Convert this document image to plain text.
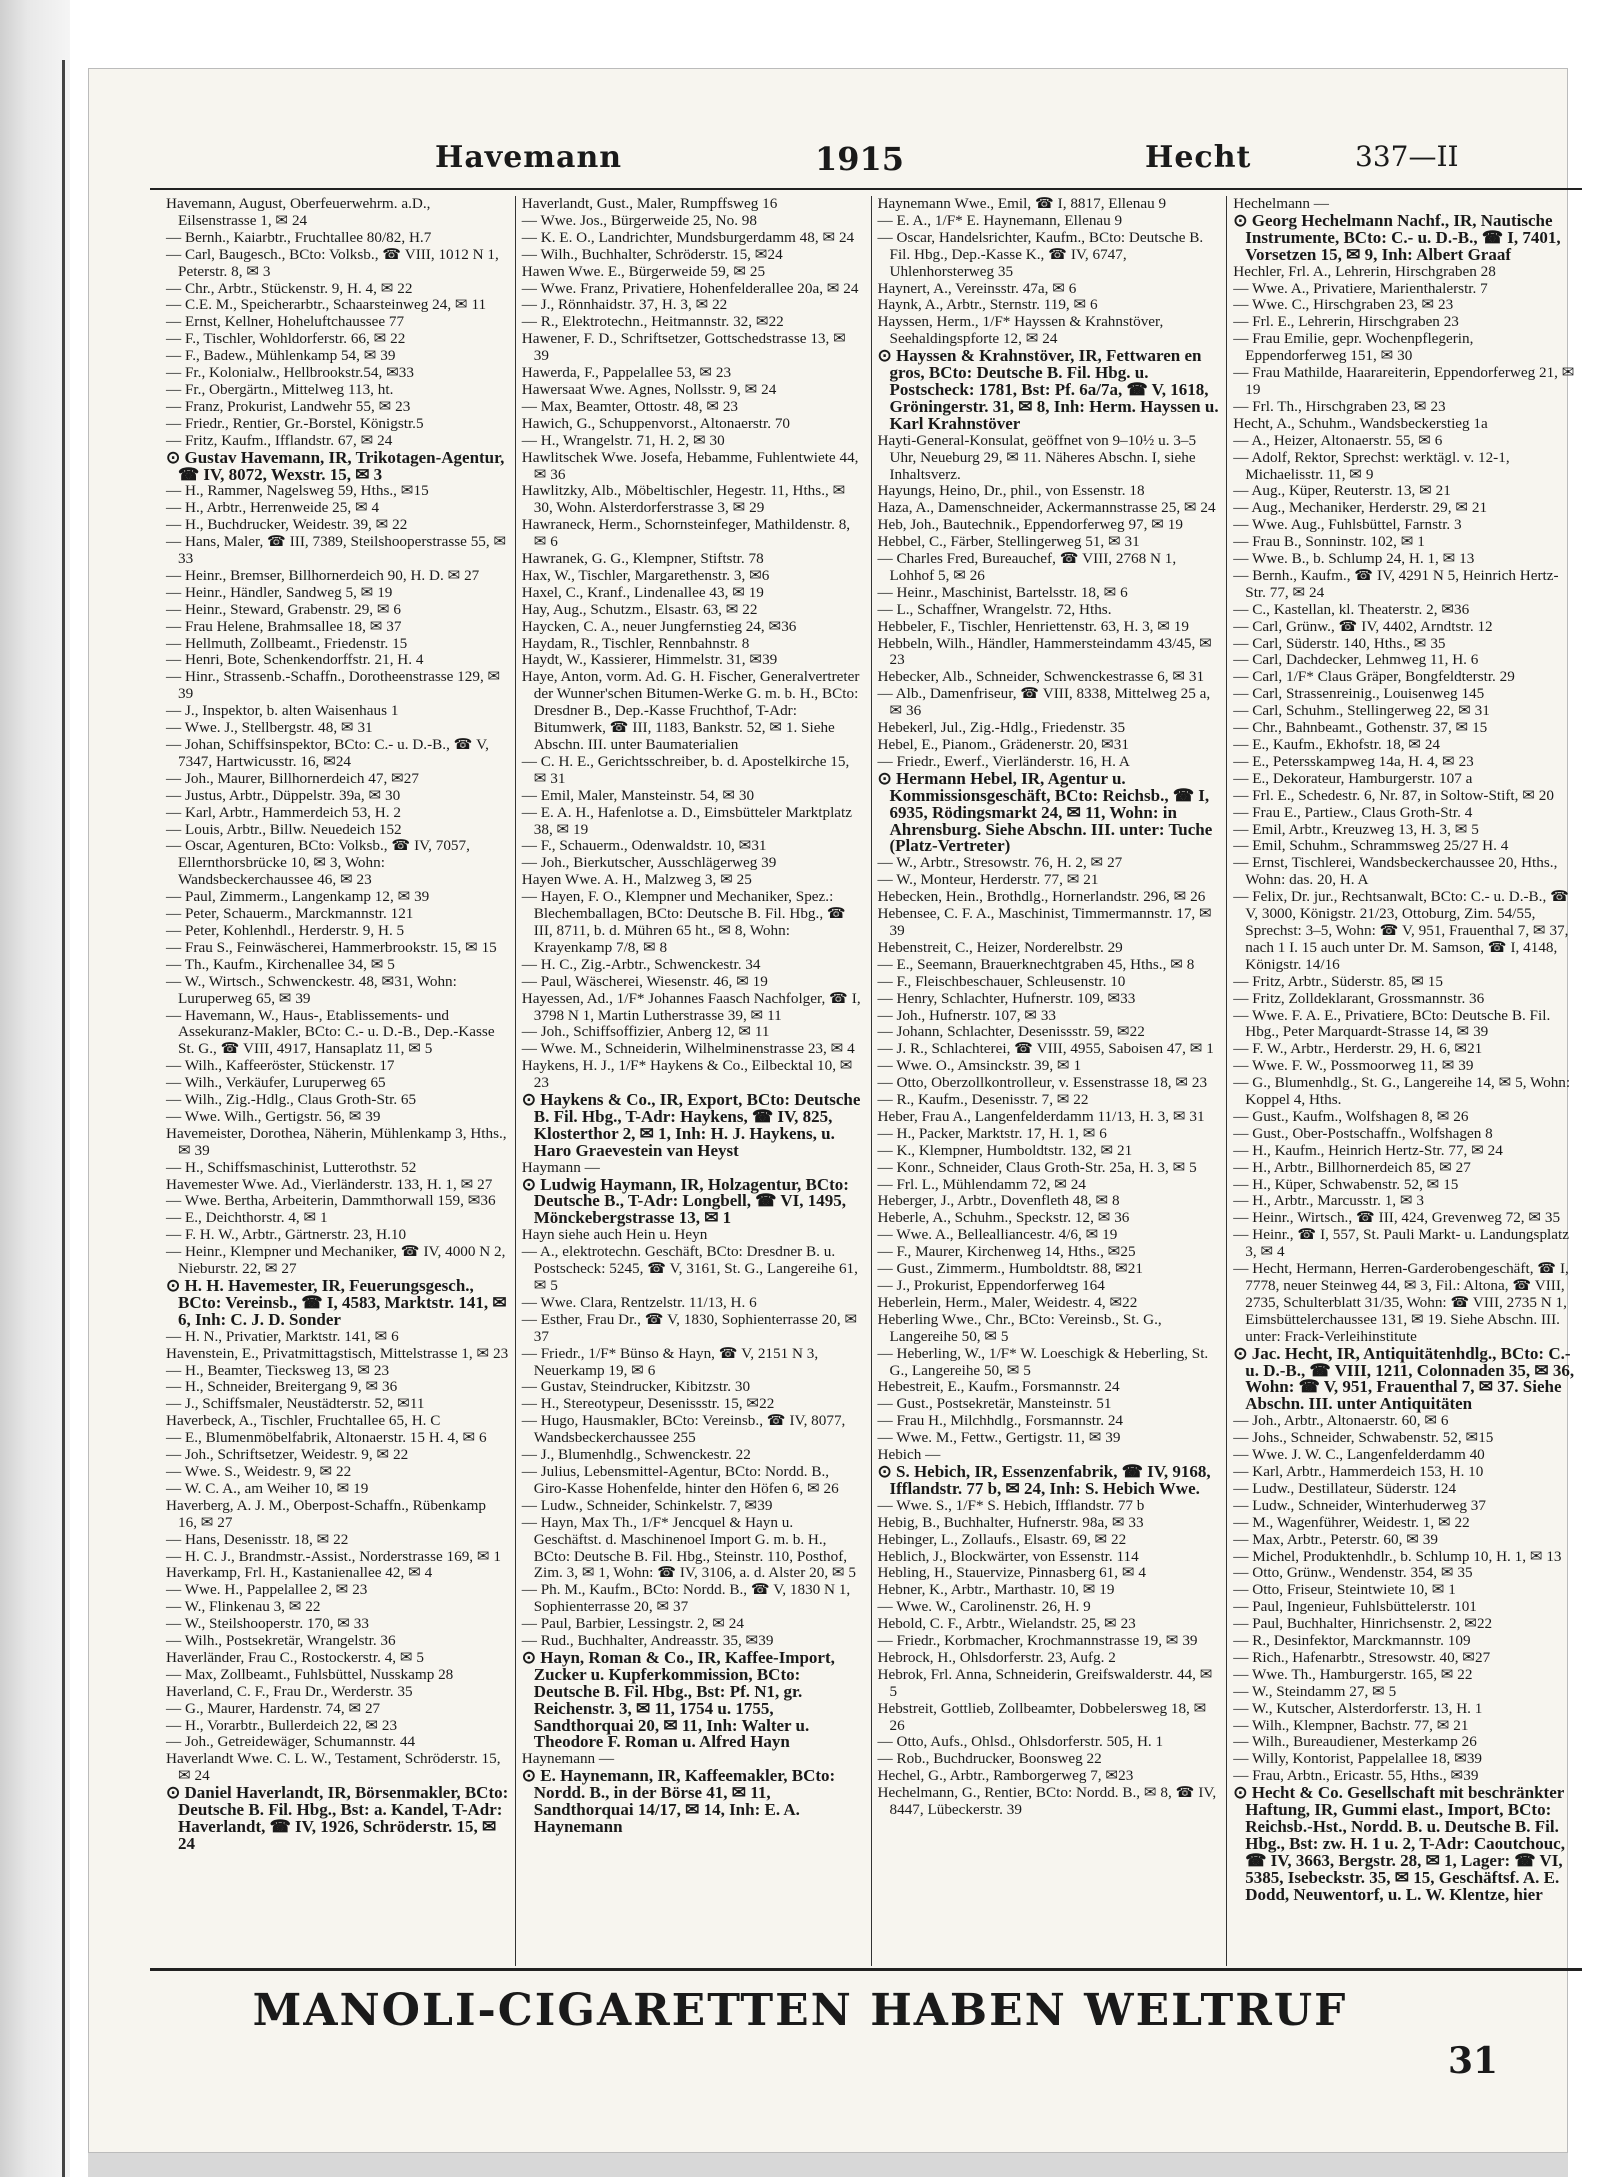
Havemann	1915	Hecht	337—II

Havemann, August, Oberfeuerwehrm. a.D., Eilsenstrasse 1, ✉ 24

— Bernh., Kaiarbtr., Fruchtallee 80/82, H.7

— Carl, Baugesch., BCto: Volksb., ☎ VIII, 1012 N 1, Peterstr. 8, ✉ 3

— Chr., Arbtr., Stückenstr. 9, H. 4, ✉ 22

— C.E. M., Speicherarbtr., Schaarsteinweg 24, ✉ 11

— Ernst, Kellner, Hoheluftchaussee 77

— F., Tischler, Wohldorferstr. 66, ✉ 22

— F., Badew., Mühlenkamp 54, ✉ 39

— Fr., Kolonialw., Hellbrookstr.54, ✉33

— Fr., Obergärtn., Mittelweg 113, ht.

— Franz, Prokurist, Landwehr 55, ✉ 23

— Friedr., Rentier, Gr.-Borstel, Königstr.5

— Fritz, Kaufm., Ifflandstr. 67, ✉ 24

⊙ Gustav Havemann, IR, Trikotagen-Agentur, ☎ IV, 8072, Wexstr. 15, ✉ 3

— H., Rammer, Nagelsweg 59, Hths., ✉15

— H., Arbtr., Herrenweide 25, ✉ 4

— H., Buchdrucker, Weidestr. 39, ✉ 22

— Hans, Maler, ☎ III, 7389, Steilshooperstrasse 55, ✉ 33

— Heinr., Bremser, Billhornerdeich 90, H. D. ✉ 27

— Heinr., Händler, Sandweg 5, ✉ 19

— Heinr., Steward, Grabenstr. 29, ✉ 6

— Frau Helene, Brahmsallee 18, ✉ 37

— Hellmuth, Zollbeamt., Friedenstr. 15

— Henri, Bote, Schenkendorffstr. 21, H. 4

— Hinr., Strassenb.-Schaffn., Dorotheenstrasse 129, ✉ 39

— J., Inspektor, b. alten Waisenhaus 1

— Wwe. J., Stellbergstr. 48, ✉ 31

— Johan, Schiffsinspektor, BCto: C.- u. D.-B., ☎ V, 7347, Hartwicusstr. 16, ✉24

— Joh., Maurer, Billhornerdeich 47, ✉27

— Justus, Arbtr., Düppelstr. 39a, ✉ 30

— Karl, Arbtr., Hammerdeich 53, H. 2

— Louis, Arbtr., Billw. Neuedeich 152

— Oscar, Agenturen, BCto: Volksb., ☎ IV, 7057, Ellernthorsbrücke 10, ✉ 3, Wohn: Wandsbeckerchaussee 46, ✉ 23

— Paul, Zimmerm., Langenkamp 12, ✉ 39

— Peter, Schauerm., Marckmannstr. 121

— Peter, Kohlenhdl., Herderstr. 9, H. 5

— Frau S., Feinwäscherei, Hammerbrookstr. 15, ✉ 15

— Th., Kaufm., Kirchenallee 34, ✉ 5

— W., Wirtsch., Schwenckestr. 48, ✉31, Wohn: Luruperweg 65, ✉ 39

— Havemann, W., Haus-, Etablissements- und Assekuranz-Makler, BCto: C.- u. D.-B., Dep.-Kasse St. G., ☎ VIII, 4917, Hansaplatz 11, ✉ 5

— Wilh., Kaffeeröster, Stückenstr. 17

— Wilh., Verkäufer, Luruperweg 65

— Wilh., Zig.-Hdlg., Claus Groth-Str. 65

— Wwe. Wilh., Gertigstr. 56, ✉ 39

Havemeister, Dorothea, Näherin, Mühlenkamp 3, Hths., ✉ 39

— H., Schiffsmaschinist, Lutterothstr. 52

Havemester Wwe. Ad., Vierländerstr. 133, H. 1, ✉ 27

— Wwe. Bertha, Arbeiterin, Dammthorwall 159, ✉36

— E., Deichthorstr. 4, ✉ 1

— F. H. W., Arbtr., Gärtnerstr. 23, H.10

— Heinr., Klempner und Mechaniker, ☎ IV, 4000 N 2, Nieburstr. 22, ✉ 27

⊙ H. H. Havemester, IR, Feuerungsgesch., BCto: Vereinsb., ☎ I, 4583, Marktstr. 141, ✉6, Inh: C. J. D. Sonder

— H. N., Privatier, Marktstr. 141, ✉ 6

Havenstein, E., Privatmittagstisch, Mittelstrasse 1, ✉ 23

— H., Beamter, Tiecksweg 13, ✉ 23

— H., Schneider, Breitergang 9, ✉ 36

— J., Schiffsmaler, Neustädterstr. 52, ✉11

Haverbeck, A., Tischler, Fruchtallee 65, H. C

— E., Blumenmöbelfabrik, Altonaerstr. 15 H. 4, ✉ 6

— Joh., Schriftsetzer, Weidestr. 9, ✉ 22

— Wwe. S., Weidestr. 9, ✉ 22

— W. C. A., am Weiher 10, ✉ 19

Haverberg, A. J. M., Oberpost-Schaffn., Rübenkamp 16, ✉ 27

— Hans, Desenisstr. 18, ✉ 22

— H. C. J., Brandmstr.-Assist., Norderstrasse 169, ✉ 1

Haverkamp, Frl. H., Kastanienallee 42, ✉ 4

— Wwe. H., Pappelallee 2, ✉ 23

— W., Flinkenau 3, ✉ 22

— W., Steilshooperstr. 170, ✉ 33

— Wilh., Postsekretär, Wrangelstr. 36

Haverländer, Frau C., Rostockerstr. 4, ✉ 5

— Max, Zollbeamt., Fuhlsbüttel, Nusskamp 28

Haverland, C. F., Frau Dr., Werderstr. 35

— G., Maurer, Hardenstr. 74, ✉ 27

— H., Vorarbtr., Bullerdeich 22, ✉ 23

— Joh., Getreidewäger, Schumannstr. 44

Haverlandt Wwe. C. L. W., Testament, Schröderstr. 15, ✉ 24

⊙ Daniel Haverlandt, IR, Börsenmakler, BCto: Deutsche B. Fil. Hbg., Bst: a. Kandel, T-Adr: Haverlandt, ☎ IV, 1926, Schröderstr. 15, ✉ 24

Haverlandt, Gust., Maler, Rumpffsweg 16

— Wwe. Jos., Bürgerweide 25, No. 98

— K. E. O., Landrichter, Mundsburgerdamm 48, ✉ 24

— Wilh., Buchhalter, Schröderstr. 15, ✉24

Hawen Wwe. E., Bürgerweide 59, ✉ 25

— Wwe. Franz, Privatiere, Hohenfelderallee 20a, ✉ 24

— J., Rönnhaidstr. 37, H. 3, ✉ 22

— R., Elektrotechn., Heitmannstr. 32, ✉22

Hawener, F. D., Schriftsetzer, Gottschedstrasse 13, ✉ 39

Hawerda, F., Pappelallee 53, ✉ 23

Hawersaat Wwe. Agnes, Nollsstr. 9, ✉ 24

— Max, Beamter, Ottostr. 48, ✉ 23

Hawich, G., Schuppenvorst., Altonaerstr. 70

— H., Wrangelstr. 71, H. 2, ✉ 30

Hawlitschek Wwe. Josefa, Hebamme, Fuhlentwiete 44, ✉ 36

Hawlitzky, Alb., Möbeltischler, Hegestr. 11, Hths., ✉ 30, Wohn. Alsterdorferstrasse 3, ✉ 29

Hawraneck, Herm., Schornsteinfeger, Mathildenstr. 8, ✉ 6

Hawranek, G. G., Klempner, Stiftstr. 78

Hax, W., Tischler, Margarethenstr. 3, ✉6

Haxel, C., Kranf., Lindenallee 43, ✉ 19

Hay, Aug., Schutzm., Elsastr. 63, ✉ 22

Haycken, C. A., neuer Jungfernstieg 24, ✉36

Haydam, R., Tischler, Rennbahnstr. 8

Haydt, W., Kassierer, Himmelstr. 31, ✉39

Haye, Anton, vorm. Ad. G. H. Fischer, Generalvertreter der Wunner'schen Bitumen-Werke G. m. b. H., BCto: Dresdner B., Dep.-Kasse Fruchthof, T-Adr: Bitumwerk, ☎ III, 1183, Bankstr. 52, ✉ 1. Siehe Abschn. III. unter Baumaterialien

— C. H. E., Gerichtsschreiber, b. d. Apostelkirche 15, ✉ 31

— Emil, Maler, Mansteinstr. 54, ✉ 30

— E. A. H., Hafenlotse a. D., Eimsbütteler Marktplatz 38, ✉ 19

— F., Schauerm., Odenwaldstr. 10, ✉31

— Joh., Bierkutscher, Ausschlägerweg 39

Hayen Wwe. A. H., Malzweg 3, ✉ 25

— Hayen, F. O., Klempner und Mechaniker, Spez.: Blechemballagen, BCto: Deutsche B. Fil. Hbg., ☎ III, 8711, b. d. Mühren 65 ht., ✉ 8, Wohn: Krayenkamp 7/8, ✉ 8

— H. C., Zig.-Arbtr., Schwenckestr. 34

— Paul, Wäscherei, Wiesenstr. 46, ✉ 19

Hayessen, Ad., 1/F* Johannes Faasch Nachfolger, ☎ I, 3798 N 1, Martin Lutherstrasse 39, ✉ 11

— Joh., Schiffsoffizier, Anberg 12, ✉ 11

— Wwe. M., Schneiderin, Wilhelminenstrasse 23, ✉ 4

Haykens, H. J., 1/F* Haykens & Co., Eilbecktal 10, ✉ 23

⊙ Haykens & Co., IR, Export, BCto: Deutsche B. Fil. Hbg., T-Adr: Haykens, ☎ IV, 825, Klosterthor 2, ✉ 1, Inh: H. J. Haykens, u. Haro Graevestein van Heyst

Haymann —

⊙ Ludwig Haymann, IR, Holzagentur, BCto: Deutsche B., T-Adr: Longbell, ☎ VI, 1495, Mönckebergstrasse 13, ✉ 1

Hayn siehe auch Hein u. Heyn

— A., elektrotechn. Geschäft, BCto: Dresdner B. u. Postscheck: 5245, ☎ V, 3161, St. G., Langereihe 61, ✉ 5

— Wwe. Clara, Rentzelstr. 11/13, H. 6

— Esther, Frau Dr., ☎ V, 1830, Sophienterrasse 20, ✉ 37

— Friedr., 1/F* Bünso & Hayn, ☎ V, 2151 N 3, Neuerkamp 19, ✉ 6

— Gustav, Steindrucker, Kibitzstr. 30

— H., Stereotypeur, Desenissstr. 15, ✉22

— Hugo, Hausmakler, BCto: Vereinsb., ☎ IV, 8077, Wandsbeckerchaussee 255

— J., Blumenhdlg., Schwenckestr. 22

— Julius, Lebensmittel-Agentur, BCto: Nordd. B., Giro-Kasse Hohenfelde, hinter den Höfen 6, ✉ 26

— Ludw., Schneider, Schinkelstr. 7, ✉39

— Hayn, Max Th., 1/F* Jencquel & Hayn u. Geschäftst. d. Maschinenoel Import G. m. b. H., BCto: Deutsche B. Fil. Hbg., Steinstr. 110, Posthof, Zim. 3, ✉ 1, Wohn: ☎ IV, 3106, a. d. Alster 20, ✉ 5

— Ph. M., Kaufm., BCto: Nordd. B., ☎ V, 1830 N 1, Sophienterrasse 20, ✉ 37

— Paul, Barbier, Lessingstr. 2, ✉ 24

— Rud., Buchhalter, Andreasstr. 35, ✉39

⊙ Hayn, Roman & Co., IR, Kaffee-Import, Zucker u. Kupferkommission, BCto: Deutsche B. Fil. Hbg., Bst: Pf. N1, gr. Reichenstr. 3, ✉ 11, 1754 u. 1755, Sandthorquai 20, ✉ 11, Inh: Walter u. Theodore F. Roman u. Alfred Hayn

Haynemann —

⊙ E. Haynemann, IR, Kaffeemakler, BCto: Nordd. B., in der Börse 41, ✉ 11, Sandthorquai 14/17, ✉ 14, Inh: E. A. Haynemann

Haynemann Wwe., Emil, ☎ I, 8817, Ellenau 9

— E. A., 1/F* E. Haynemann, Ellenau 9

— Oscar, Handelsrichter, Kaufm., BCto: Deutsche B. Fil. Hbg., Dep.-Kasse K., ☎ IV, 6747, Uhlenhorsterweg 35

Haynert, A., Vereinsstr. 47a, ✉ 6

Haynk, A., Arbtr., Sternstr. 119, ✉ 6

Hayssen, Herm., 1/F* Hayssen & Krahnstöver, Seehaldingspforte 12, ✉ 24

⊙ Hayssen & Krahnstöver, IR, Fettwaren en gros, BCto: Deutsche B. Fil. Hbg. u. Postscheck: 1781, Bst: Pf. 6a/7a, ☎ V, 1618, Gröningerstr. 31, ✉ 8, Inh: Herm. Hayssen u. Karl Krahnstöver

Hayti-General-Konsulat, geöffnet von 9–10½ u. 3–5 Uhr, Neueburg 29, ✉ 11. Näheres Abschn. I, siehe Inhaltsverz.

Hayungs, Heino, Dr., phil., von Essenstr. 18

Haza, A., Damenschneider, Ackermannstrasse 25, ✉ 24

Heb, Joh., Bautechnik., Eppendorferweg 97, ✉ 19

Hebbel, C., Färber, Stellingerweg 51, ✉ 31

— Charles Fred, Bureauchef, ☎ VIII, 2768 N 1, Lohhof 5, ✉ 26

— Heinr., Maschinist, Bartelsstr. 18, ✉ 6

— L., Schaffner, Wrangelstr. 72, Hths.

Hebbeler, F., Tischler, Henriettenstr. 63, H. 3, ✉ 19

Hebbeln, Wilh., Händler, Hammersteindamm 43/45, ✉ 23

Hebecker, Alb., Schneider, Schwenckestrasse 6, ✉ 31

— Alb., Damenfriseur, ☎ VIII, 8338, Mittelweg 25 a, ✉ 36

Hebekerl, Jul., Zig.-Hdlg., Friedenstr. 35

Hebel, E., Pianom., Grädenerstr. 20, ✉31

— Friedr., Ewerf., Vierländerstr. 16, H. A

⊙ Hermann Hebel, IR, Agentur u. Kommissionsgeschäft, BCto: Reichsb., ☎ I, 6935, Rödingsmarkt 24, ✉ 11, Wohn: in Ahrensburg. Siehe Abschn. III. unter: Tuche (Platz-Vertreter)

— W., Arbtr., Stresowstr. 76, H. 2, ✉ 27

— W., Monteur, Herderstr. 77, ✉ 21

Hebecken, Hein., Brothdlg., Hornerlandstr. 296, ✉ 26

Hebensee, C. F. A., Maschinist, Timmermannstr. 17, ✉ 39

Hebenstreit, C., Heizer, Norderelbstr. 29

— E., Seemann, Brauerknechtgraben 45, Hths., ✉ 8

— F., Fleischbeschauer, Schleusenstr. 10

— Henry, Schlachter, Hufnerstr. 109, ✉33

— Joh., Hufnerstr. 107, ✉ 33

— Johann, Schlachter, Desenissstr. 59, ✉22

— J. R., Schlachterei, ☎ VIII, 4955, Saboisen 47, ✉ 1

— Wwe. O., Amsinckstr. 39, ✉ 1

— Otto, Oberzollkontrolleur, v. Essenstrasse 18, ✉ 23

— R., Kaufm., Desenisstr. 7, ✉ 22

Heber, Frau A., Langenfelderdamm 11/13, H. 3, ✉ 31

— H., Packer, Marktstr. 17, H. 1, ✉ 6

— K., Klempner, Humboldtstr. 132, ✉ 21

— Konr., Schneider, Claus Groth-Str. 25a, H. 3, ✉ 5

— Frl. L., Mühlendamm 72, ✉ 24

Heberger, J., Arbtr., Dovenfleth 48, ✉ 8

Heberle, A., Schuhm., Speckstr. 12, ✉ 36

— Wwe. A., Bellealliancestr. 4/6, ✉ 19

— F., Maurer, Kirchenweg 14, Hths., ✉25

— Gust., Zimmerm., Humboldtstr. 88, ✉21

— J., Prokurist, Eppendorferweg 164

Heberlein, Herm., Maler, Weidestr. 4, ✉22

Heberling Wwe., Chr., BCto: Vereinsb., St. G., Langereihe 50, ✉ 5

— Heberling, W., 1/F* W. Loeschigk & Heberling, St. G., Langereihe 50, ✉ 5

Hebestreit, E., Kaufm., Forsmannstr. 24

— Gust., Postsekretär, Mansteinstr. 51

— Frau H., Milchhdlg., Forsmannstr. 24

— Wwe. M., Fettw., Gertigstr. 11, ✉ 39

Hebich —

⊙ S. Hebich, IR, Essenzenfabrik, ☎ IV, 9168, Ifflandstr. 77 b, ✉ 24, Inh: S. Hebich Wwe.

— Wwe. S., 1/F* S. Hebich, Ifflandstr. 77 b

Hebig, B., Buchhalter, Hufnerstr. 98a, ✉ 33

Hebinger, L., Zollaufs., Elsastr. 69, ✉ 22

Heblich, J., Blockwärter, von Essenstr. 114

Hebling, H., Stauervize, Pinnasberg 61, ✉ 4

Hebner, K., Arbtr., Marthastr. 10, ✉ 19

— Wwe. W., Carolinenstr. 26, H. 9

Hebold, C. F., Arbtr., Wielandstr. 25, ✉ 23

— Friedr., Korbmacher, Krochmannstrasse 19, ✉ 39

Hebrock, H., Ohlsdorferstr. 23, Aufg. 2

Hebrok, Frl. Anna, Schneiderin, Greifswalderstr. 44, ✉ 5

Hebstreit, Gottlieb, Zollbeamter, Dobbelersweg 18, ✉ 26

— Otto, Aufs., Ohlsd., Ohlsdorferstr. 505, H. 1

— Rob., Buchdrucker, Boonsweg 22

Hechel, G., Arbtr., Ramborgerweg 7, ✉23

Hechelmann, G., Rentier, BCto: Nordd. B., ✉ 8, ☎ IV, 8447, Lübeckerstr. 39

Hechelmann —

⊙ Georg Hechelmann Nachf., IR, Nautische Instrumente, BCto: C.- u. D.-B., ☎ I, 7401, Vorsetzen 15, ✉ 9, Inh: Albert Graaf

Hechler, Frl. A., Lehrerin, Hirschgraben 28

— Wwe. A., Privatiere, Marienthalerstr. 7

— Wwe. C., Hirschgraben 23, ✉ 23

— Frl. E., Lehrerin, Hirschgraben 23

— Frau Emilie, gepr. Wochenpflegerin, Eppendorferweg 151, ✉ 30

— Frau Mathilde, Haarareiterin, Eppendorferweg 21, ✉ 19

— Frl. Th., Hirschgraben 23, ✉ 23

Hecht, A., Schuhm., Wandsbeckerstieg 1a

— A., Heizer, Altonaerstr. 55, ✉ 6

— Adolf, Rektor, Sprechst: werktägl. v. 12-1, Michaelisstr. 11, ✉ 9

— Aug., Küper, Reuterstr. 13, ✉ 21

— Aug., Mechaniker, Herderstr. 29, ✉ 21

— Wwe. Aug., Fuhlsbüttel, Farnstr. 3

— Frau B., Sonninstr. 102, ✉ 1

— Wwe. B., b. Schlump 24, H. 1, ✉ 13

— Bernh., Kaufm., ☎ IV, 4291 N 5, Heinrich Hertz-Str. 77, ✉ 24

— C., Kastellan, kl. Theaterstr. 2, ✉36

— Carl, Grünw., ☎ IV, 4402, Arndtstr. 12

— Carl, Süderstr. 140, Hths., ✉ 35

— Carl, Dachdecker, Lehmweg 11, H. 6

— Carl, 1/F* Claus Gräper, Bongfeldterstr. 29

— Carl, Strassenreinig., Louisenweg 145

— Carl, Schuhm., Stellingerweg 22, ✉ 31

— Chr., Bahnbeamt., Gothenstr. 37, ✉ 15

— E., Kaufm., Ekhofstr. 18, ✉ 24

— E., Petersskampweg 14a, H. 4, ✉ 23

— E., Dekorateur, Hamburgerstr. 107 a

— Frl. E., Schedestr. 6, Nr. 87, in Soltow-Stift, ✉ 20

— Frau E., Partiew., Claus Groth-Str. 4

— Emil, Arbtr., Kreuzweg 13, H. 3, ✉ 5

— Emil, Schuhm., Schrammsweg 25/27 H. 4

— Ernst, Tischlerei, Wandsbeckerchaussee 20, Hths., Wohn: das. 20, H. A

— Felix, Dr. jur., Rechtsanwalt, BCto: C.- u. D.-B., ☎ V, 3000, Königstr. 21/23, Ottoburg, Zim. 54/55, Sprechst: 3–5, Wohn: ☎ V, 951, Frauenthal 7, ✉ 37, nach 1 I. 15 auch unter Dr. M. Samson, ☎ I, 4148, Königstr. 14/16

— Fritz, Arbtr., Süderstr. 85, ✉ 15

— Fritz, Zolldeklarant, Grossmannstr. 36

— Wwe. F. A. E., Privatiere, BCto: Deutsche B. Fil. Hbg., Peter Marquardt-Strasse 14, ✉ 39

— F. W., Arbtr., Herderstr. 29, H. 6, ✉21

— Wwe. F. W., Possmoorweg 11, ✉ 39

— G., Blumenhdlg., St. G., Langereihe 14, ✉ 5, Wohn: Koppel 4, Hths.

— Gust., Kaufm., Wolfshagen 8, ✉ 26

— Gust., Ober-Postschaffn., Wolfshagen 8

— H., Kaufm., Heinrich Hertz-Str. 77, ✉ 24

— H., Arbtr., Billhornerdeich 85, ✉ 27

— H., Küper, Schwabenstr. 52, ✉ 15

— H., Arbtr., Marcusstr. 1, ✉ 3

— Heinr., Wirtsch., ☎ III, 424, Grevenweg 72, ✉ 35

— Heinr., ☎ I, 557, St. Pauli Markt- u. Landungsplatz 3, ✉ 4

— Hecht, Hermann, Herren-Garderobengeschäft, ☎ I, 7778, neuer Steinweg 44, ✉ 3, Fil.: Altona, ☎ VIII, 2735, Schulterblatt 31/35, Wohn: ☎ VIII, 2735 N 1, Eimsbüttelerchaussee 131, ✉ 19. Siehe Abschn. III. unter: Frack-Verleihinstitute

⊙ Jac. Hecht, IR, Antiquitätenhdlg., BCto: C.- u. D.-B., ☎ VIII, 1211, Colonnaden 35, ✉ 36, Wohn: ☎ V, 951, Frauenthal 7, ✉ 37. Siehe Abschn. III. unter Antiquitäten

— Joh., Arbtr., Altonaerstr. 60, ✉ 6

— Johs., Schneider, Schwabenstr. 52, ✉15

— Wwe. J. W. C., Langenfelderdamm 40

— Karl, Arbtr., Hammerdeich 153, H. 10

— Ludw., Destillateur, Süderstr. 124

— Ludw., Schneider, Winterhuderweg 37

— M., Wagenführer, Weidestr. 1, ✉ 22

— Max, Arbtr., Peterstr. 60, ✉ 39

— Michel, Produktenhdlr., b. Schlump 10, H. 1, ✉ 13

— Otto, Grünw., Wendenstr. 354, ✉ 35

— Otto, Friseur, Steintwiete 10, ✉ 1

— Paul, Ingenieur, Fuhlsbüttelerstr. 101

— Paul, Buchhalter, Hinrichsenstr. 2, ✉22

— R., Desinfektor, Marckmannstr. 109

— Rich., Hafenarbtr., Stresowstr. 40, ✉27

— Wwe. Th., Hamburgerstr. 165, ✉ 22

— W., Steindamm 27, ✉ 5

— W., Kutscher, Alsterdorferstr. 13, H. 1

— Wilh., Klempner, Bachstr. 77, ✉ 21

— Wilh., Bureaudiener, Mesterkamp 26

— Willy, Kontorist, Pappelallee 18, ✉39

— Frau, Arbtn., Ericastr. 55, Hths., ✉39

⊙ Hecht & Co. Gesellschaft mit beschränkter Haftung, IR, Gummi elast., Import, BCto: Reichsb.-Hst., Nordd. B. u. Deutsche B. Fil. Hbg., Bst: zw. H. 1 u. 2, T-Adr: Caoutchouc, ☎ IV, 3663, Bergstr. 28, ✉ 1, Lager: ☎ VI, 5385, Isebeckstr. 35, ✉ 15, Geschäftsf. A. E. Dodd, Neuwentorf, u. L. W. Klentze, hier

MANOLI-CIGARETTEN HABEN WELTRUF
31
